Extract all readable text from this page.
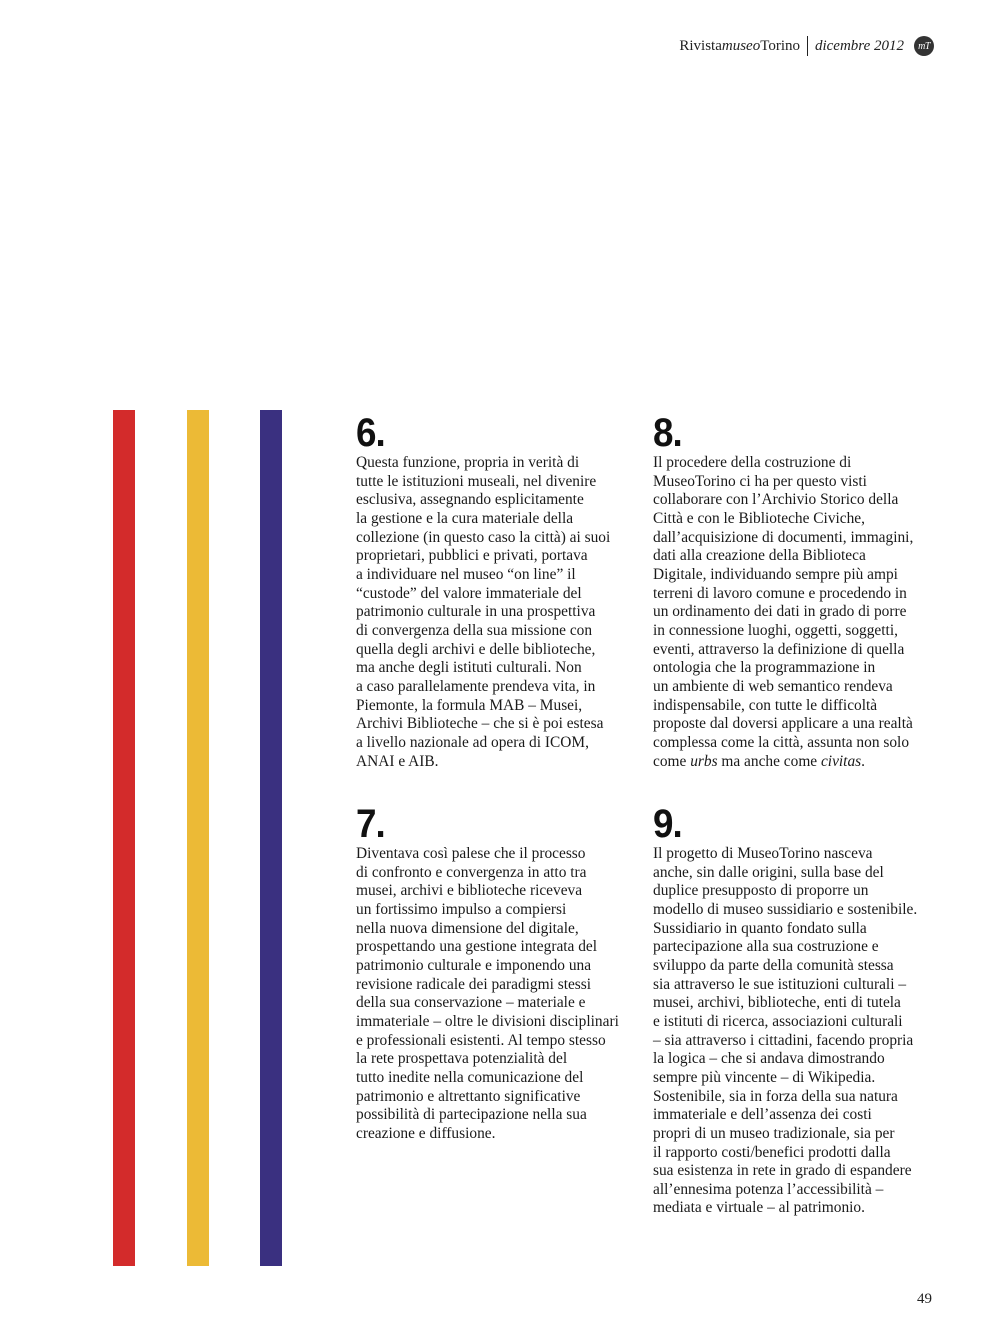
Rivista museo Torino dicembre 2012	mT
6.
Questa funzione, propria in verità di
tutte le istituzioni museali, nel divenire
esclusiva, assegnando esplicitamente
la gestione e la cura materiale della
collezione (in questo caso la città) ai suoi
proprietari, pubblici e privati, portava
a individuare nel museo “on line” il
“custode” del valore immateriale del
patrimonio culturale in una prospettiva
di convergenza della sua missione con
quella degli archivi e delle biblioteche,
ma anche degli istituti culturali. Non
a caso parallelamente prendeva vita, in
Piemonte, la formula MAB – Musei,
Archivi Biblioteche – che si è poi estesa
a livello nazionale ad opera di ICOM,
ANAI e AIB.
8.
Il procedere della costruzione di
MuseoTorino ci ha per questo visti
collaborare con l’Archivio Storico della
Città e con le Biblioteche Civiche,
dall’acquisizione di documenti, immagini,
dati alla creazione della Biblioteca
Digitale, individuando sempre più ampi
terreni di lavoro comune e procedendo in
un ordinamento dei dati in grado di porre
in connessione luoghi, oggetti, soggetti,
eventi, attraverso la definizione di quella
ontologia che la programmazione in
un ambiente di web semantico rendeva
indispensabile, con tutte le difficoltà
proposte dal doversi applicare a una realtà
complessa come la città, assunta non solo
come urbs ma anche come civitas.
7.
Diventava così palese che il processo
di confronto e convergenza in atto tra
musei, archivi e biblioteche riceveva
un fortissimo impulso a compiersi
nella nuova dimensione del digitale,
prospettando una gestione integrata del
patrimonio culturale e imponendo una
revisione radicale dei paradigmi stessi
della sua conservazione – materiale e
immateriale – oltre le divisioni disciplinari
e professionali esistenti. Al tempo stesso
la rete prospettava potenzialità del
tutto inedite nella comunicazione del
patrimonio e altrettanto significative
possibilità di partecipazione nella sua
creazione e diffusione.
9.
Il progetto di MuseoTorino nasceva
anche, sin dalle origini, sulla base del
duplice presupposto di proporre un
modello di museo sussidiario e sostenibile.
Sussidiario in quanto fondato sulla
partecipazione alla sua costruzione e
sviluppo da parte della comunità stessa
sia attraverso le sue istituzioni culturali –
musei, archivi, biblioteche, enti di tutela
e istituti di ricerca, associazioni culturali
– sia attraverso i cittadini, facendo propria
la logica – che si andava dimostrando
sempre più vincente – di Wikipedia.
Sostenibile, sia in forza della sua natura
immateriale e dell’assenza dei costi
propri di un museo tradizionale, sia per
il rapporto costi/benefici prodotti dalla
sua esistenza in rete in grado di espandere
all’ennesima potenza l’accessibilità –
mediata e virtuale – al patrimonio.
49
